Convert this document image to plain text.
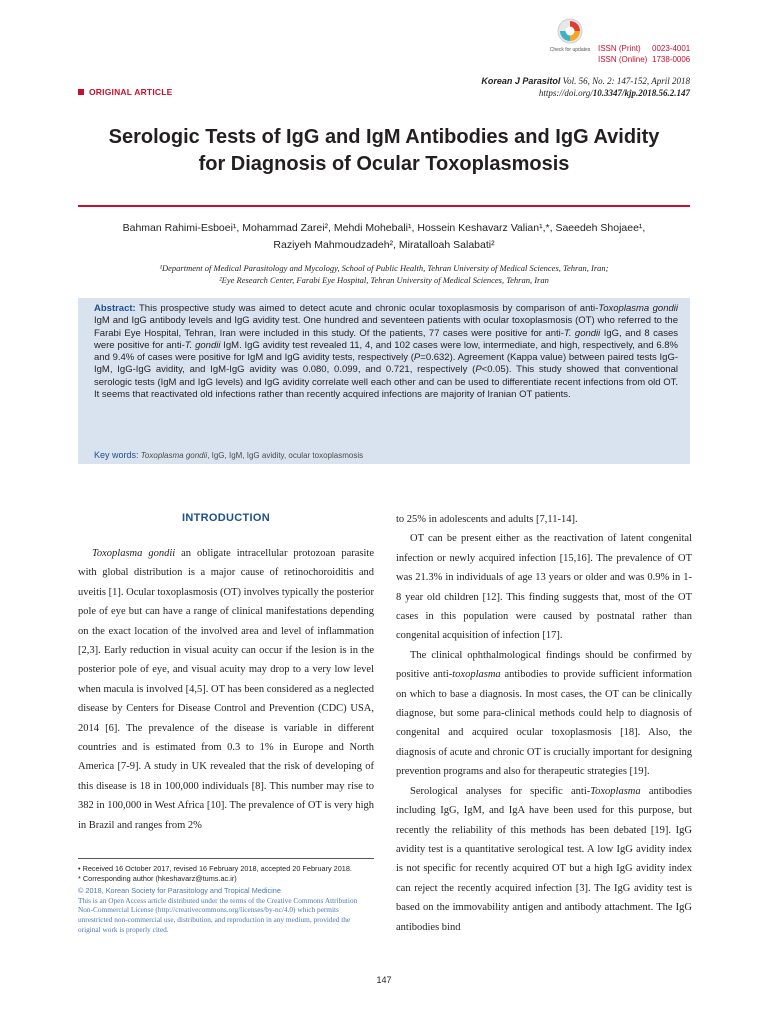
Check for updates ISSN (Print) 0023-4001
ISSN (Online) 1738-0006
ORIGINAL ARTICLE
Korean J Parasitol Vol. 56, No. 2: 147-152, April 2018
https://doi.org/10.3347/kjp.2018.56.2.147
Serologic Tests of IgG and IgM Antibodies and IgG Avidity
for Diagnosis of Ocular Toxoplasmosis
Bahman Rahimi-Esboei¹, Mohammad Zarei², Mehdi Mohebali¹, Hossein Keshavarz Valian¹,*, Saeedeh Shojaee¹,
Raziyeh Mahmoudzadeh², Miratalloah Salabati²
¹Department of Medical Parasitology and Mycology, School of Public Health, Tehran University of Medical Sciences, Tehran, Iran;
²Eye Research Center, Farabi Eye Hospital, Tehran University of Medical Sciences, Tehran, Iran
Abstract: This prospective study was aimed to detect acute and chronic ocular toxoplasmosis by comparison of anti-Toxoplasma gondii IgM and IgG antibody levels and IgG avidity test. One hundred and seventeen patients with ocular toxoplasmosis (OT) who referred to the Farabi Eye Hospital, Tehran, Iran were included in this study. Of the patients, 77 cases were positive for anti-T. gondii IgG, and 8 cases were positive for anti-T. gondii IgM. IgG avidity test revealed 11, 4, and 102 cases were low, intermediate, and high, respectively, and 6.8% and 9.4% of cases were positive for IgM and IgG avidity tests, respectively (P=0.632). Agreement (Kappa value) between paired tests IgG-IgM, IgG-IgG avidity, and IgM-IgG avidity was 0.080, 0.099, and 0.721, respectively (P<0.05). This study showed that conventional serologic tests (IgM and IgG levels) and IgG avidity correlate well each other and can be used to differentiate recent infections from old OT. It seems that reactivated old infections rather than recently acquired infections are majority of Iranian OT patients.
Key words: Toxoplasma gondii, IgG, IgM, IgG avidity, ocular toxoplasmosis
INTRODUCTION

Toxoplasma gondii an obligate intracellular protozoan parasite with global distribution is a major cause of retinochoroiditis and uveitis [1]. Ocular toxoplasmosis (OT) involves typically the posterior pole of eye but can have a range of clinical manifestations depending on the exact location of the involved area and level of inflammation [2,3]. Early reduction in visual acuity can occur if the lesion is in the posterior pole of eye, and visual acuity may drop to a very low level when macula is involved [4,5]. OT has been considered as a neglected disease by Centers for Disease Control and Prevention (CDC) USA, 2014 [6]. The prevalence of the disease is variable in different countries and is estimated from 0.3 to 1% in Europe and North America [7-9]. A study in UK revealed that the risk of developing of this disease is 18 in 100,000 individuals [8]. This number may rise to 382 in 100,000 in West Africa [10]. The prevalence of OT is very high in Brazil and ranges from 2%

to 25% in adolescents and adults [7,11-14].

OT can be present either as the reactivation of latent congenital infection or newly acquired infection [15,16]. The prevalence of OT was 21.3% in individuals of age 13 years or older and was 0.9% in 1-8 year old children [12]. This finding suggests that, most of the OT cases in this population were caused by postnatal rather than congenital acquisition of infection [17].

The clinical ophthalmological findings should be confirmed by positive anti-toxoplasma antibodies to provide sufficient information on which to base a diagnosis. In most cases, the OT can be clinically diagnose, but some para-clinical methods could help to diagnosis of congenital and acquired ocular toxoplasmosis [18]. Also, the diagnosis of acute and chronic OT is crucially important for designing prevention programs and also for therapeutic strategies [19].

Serological analyses for specific anti-Toxoplasma antibodies including IgG, IgM, and IgA have been used for this purpose, but recently the reliability of this methods has been debated [19]. IgG avidity test is a quantitative serological test. A low IgG avidity index is not specific for recently acquired OT but a high IgG avidity index can reject the recently acquired infection [3]. The IgG avidity test is based on the immovability antigen and antibody attachment. The IgG antibodies bind

• Received 16 October 2017, revised 16 February 2018, accepted 20 February 2018.
* Corresponding author (hkeshavarz@tums.ac.ir)
© 2018, Korean Society for Parasitology and Tropical Medicine
This is an Open Access article distributed under the terms of the Creative Commons Attribution Non-Commercial License (http://creativecommons.org/licenses/by-nc/4.0) which permits unrestricted non-commercial use, distribution, and reproduction in any medium, provided the original work is properly cited.
147
